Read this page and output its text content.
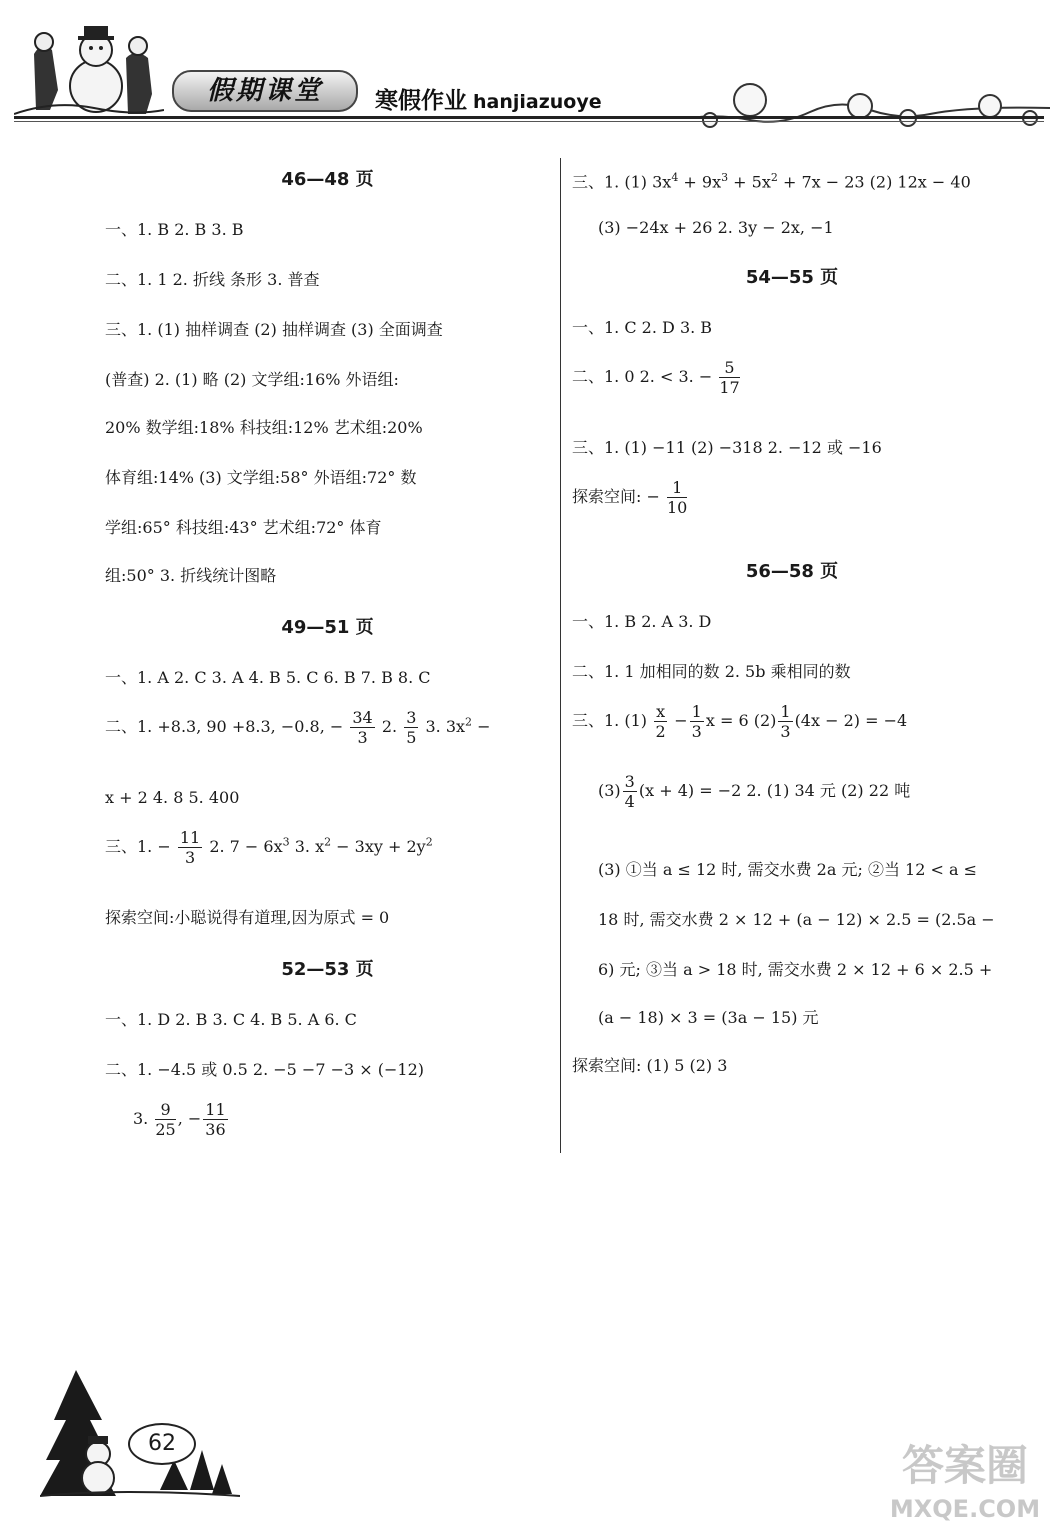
假期课堂	寒假作业 hanjiazuoye
46—48 页
一、1. B 2. B 3. B
二、1. 1 2. 折线 条形 3. 普查
三、1. (1) 抽样调查 (2) 抽样调查 (3) 全面调查
(普查) 2. (1) 略 (2) 文学组:16% 外语组:
20% 数学组:18% 科技组:12% 艺术组:20%
体育组:14% (3) 文学组:58° 外语组:72° 数
学组:65° 科技组:43° 艺术组:72° 体育
组:50° 3. 折线统计图略
49—51 页
一、1. A 2. C 3. A 4. B 5. C 6. B 7. B 8. C
二、1. +8.3, 90 +8.3, −0.8, − $\frac{34}{3} 2$. $\frac{3}{5} 3$. $3x^2$ −
x + 2 4. 8 5. 400
三、1. − $\frac{11}{3} 2$. $7 - 6x^3$ 3. $x^2 - 3xy + 2y^2$
探索空间:小聪说得有道理,因为原式 = 0
52—53 页
一、1. D 2. B 3. C 4. B 5. A 6. C
二、1. −4.5 或 0.5 2. −5 −7 −3 × (−12)
3. $\frac{9}{25}$ , − $\frac{11}{36}$
三、1. (1) $3x^4 + 9x^3 + 5x^2 + 7x - 23$ (2) 12x − 40
(3) −24x + 26 2. 3y − 2x, −1
54—55 页
一、1. C 2. D 3. B
二、1. 0 2. < 3. − $\frac{5}{17}$
三、1. (1) −11 (2) −318 2. −12 或 −16
探索空间: − $\frac{1}{10}$
56—58 页
一、1. B 2. A 3. D
二、1. 1 加相同的数 2. 5b 乘相同的数
三、1. $(1) \frac{x}{2} - \frac{1}{3}$ x = 6 $(2) \frac{1}{3} (4x - 2) = -4$
$(3) \frac{3}{4} (x + 4) = -2$ 2. (1) 34 元 (2) 22 吨
(3) ①当 a ≤ 12 时, 需交水费 2a 元; ②当 12 < a ≤
18 时, 需交水费 2 × 12 + (a − 12) × 2.5 = (2.5a −
6) 元; ③当 a > 18 时, 需交水费 2 × 12 + 6 × 2.5 +
(a − 18) × 3 = (3a − 15) 元
探索空间: (1) 5 (2) 3
62	答案圈
MXQE.COM
